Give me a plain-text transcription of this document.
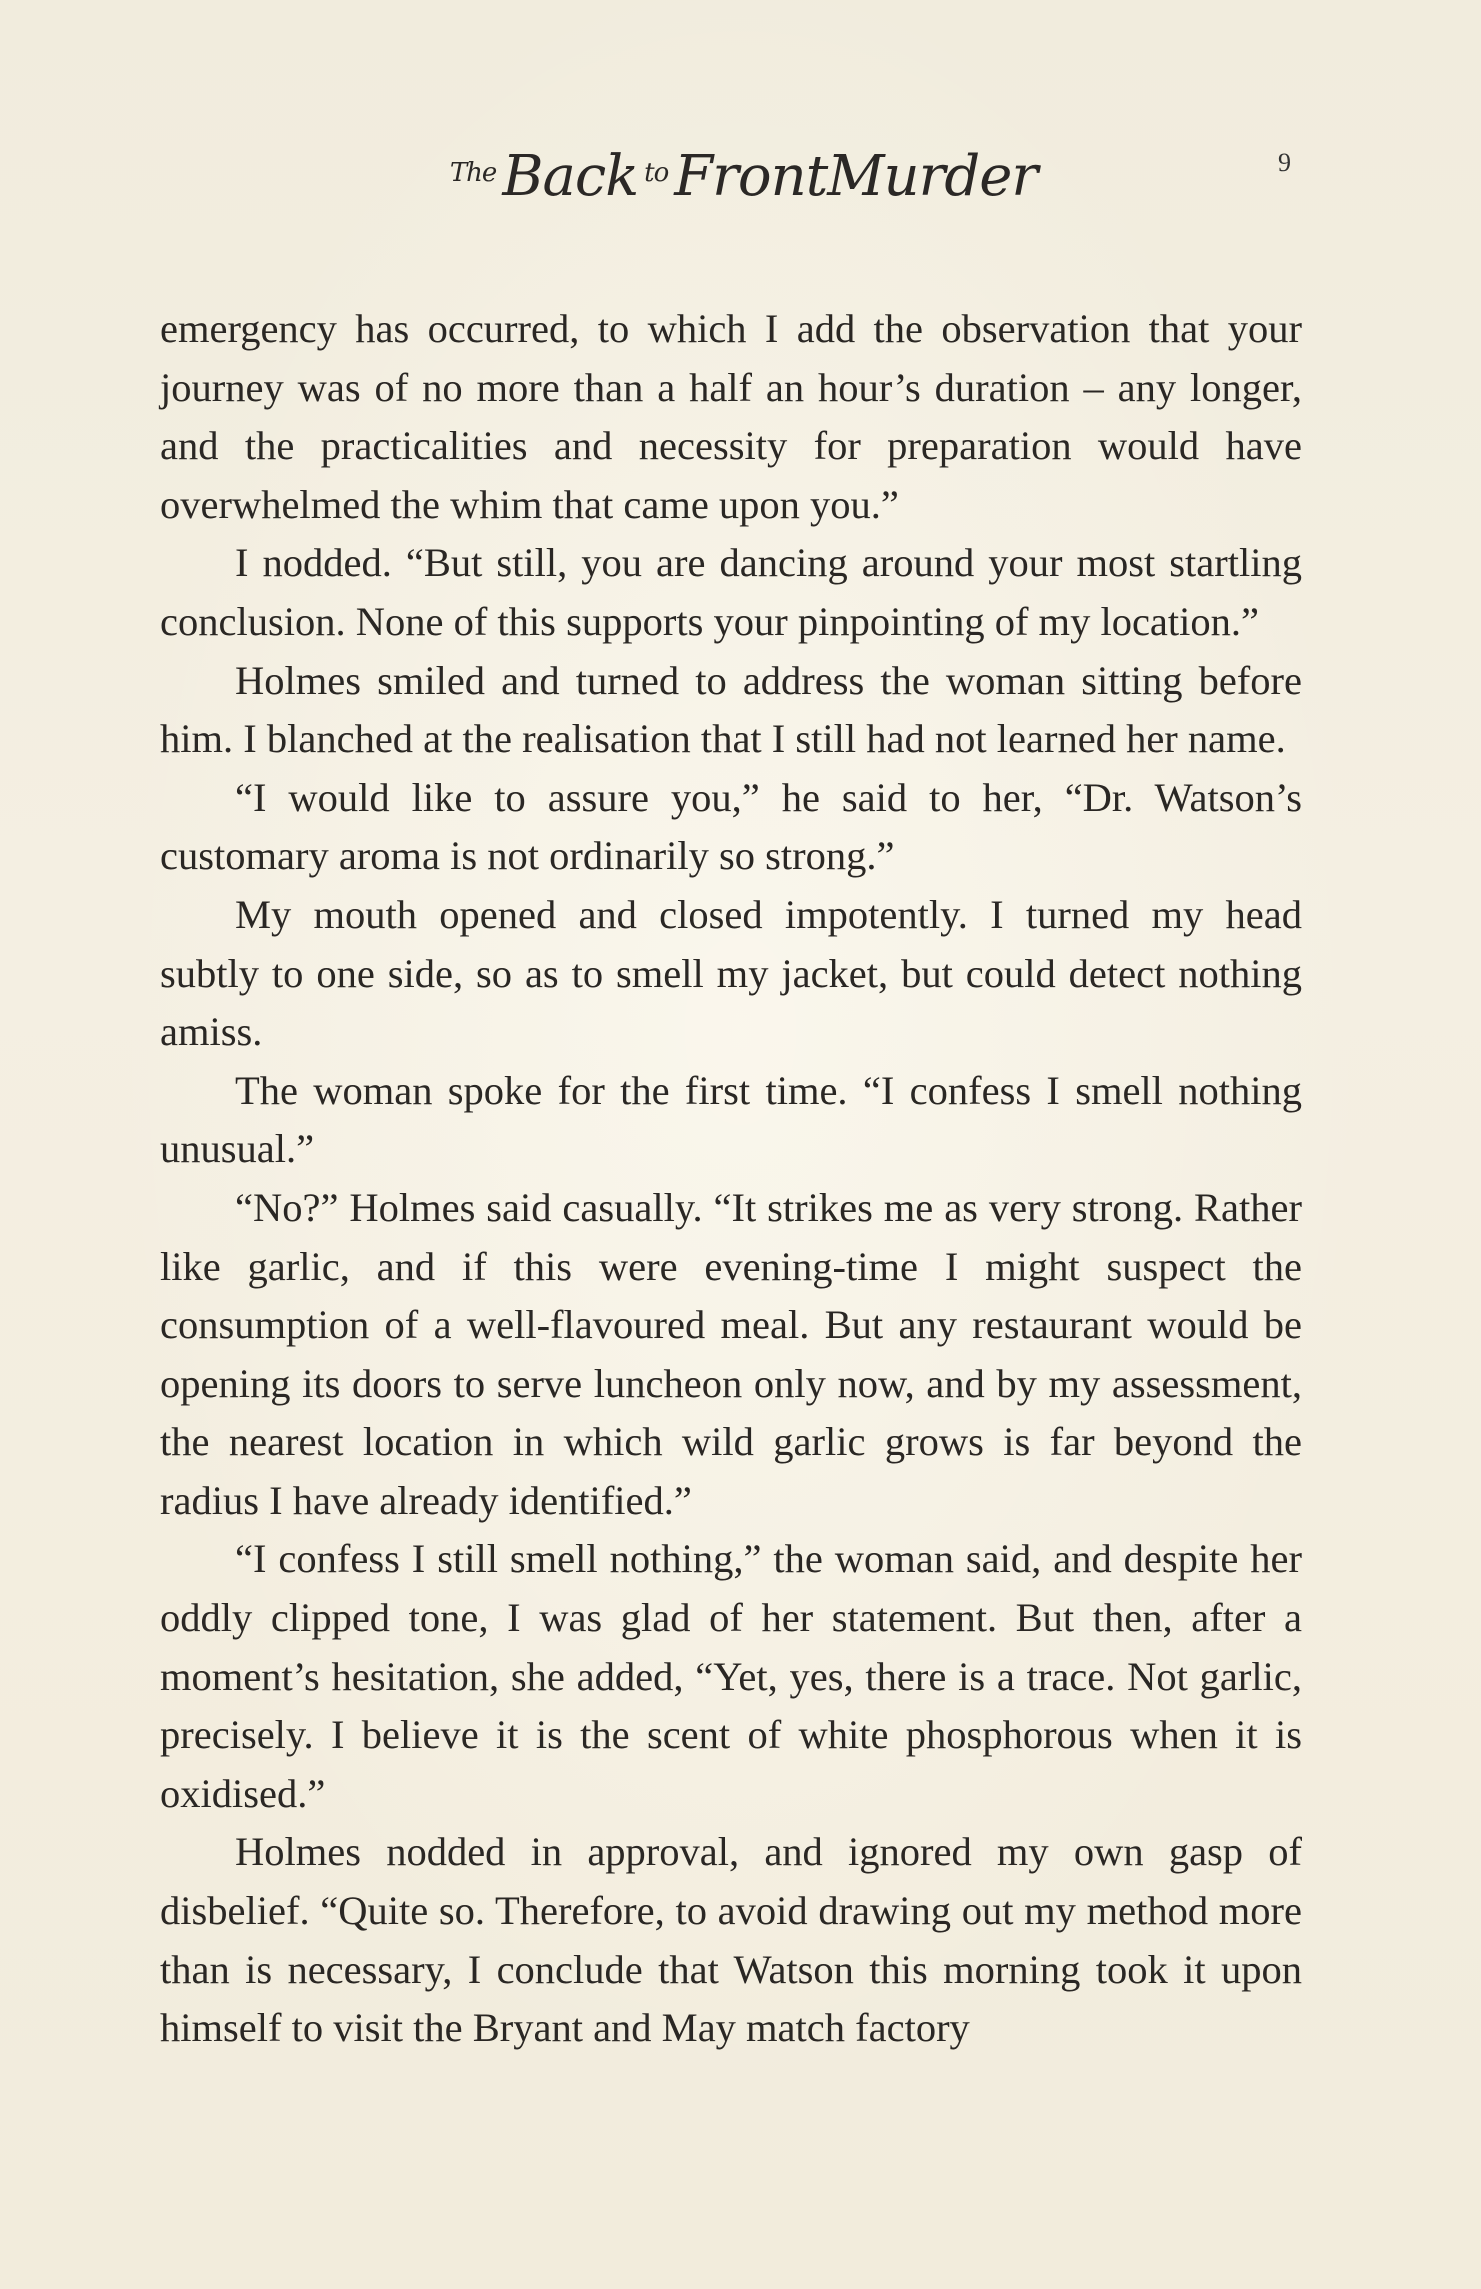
$^{The}$ Back $^{to}$ FrontMurder	9

emergency has occurred, to which I add the observation that your journey was of no more than a half an hour’s duration – any longer, and the practicalities and necessity for preparation would have overwhelmed the whim that came upon you.”

I nodded. “But still, you are dancing around your most startling conclusion. None of this supports your pinpointing of my location.”

Holmes smiled and turned to address the woman sitting before him. I blanched at the realisation that I still had not learned her name.

“I would like to assure you,” he said to her, “Dr. Watson’s customary aroma is not ordinarily so strong.”

My mouth opened and closed impotently. I turned my head subtly to one side, so as to smell my jacket, but could detect nothing amiss.

The woman spoke for the first time. “I confess I smell nothing unusual.”

“No?” Holmes said casually. “It strikes me as very strong. Rather like garlic, and if this were evening-time I might suspect the consumption of a well-flavoured meal. But any restaurant would be opening its doors to serve luncheon only now, and by my assessment, the nearest location in which wild garlic grows is far beyond the radius I have already identified.”

“I confess I still smell nothing,” the woman said, and despite her oddly clipped tone, I was glad of her statement. But then, after a moment’s hesitation, she added, “Yet, yes, there is a trace. Not garlic, precisely. I believe it is the scent of white phosphorous when it is oxidised.”

Holmes nodded in approval, and ignored my own gasp of disbelief. “Quite so. Therefore, to avoid drawing out my method more than is necessary, I conclude that Watson this morning took it upon himself to visit the Bryant and May match factory
